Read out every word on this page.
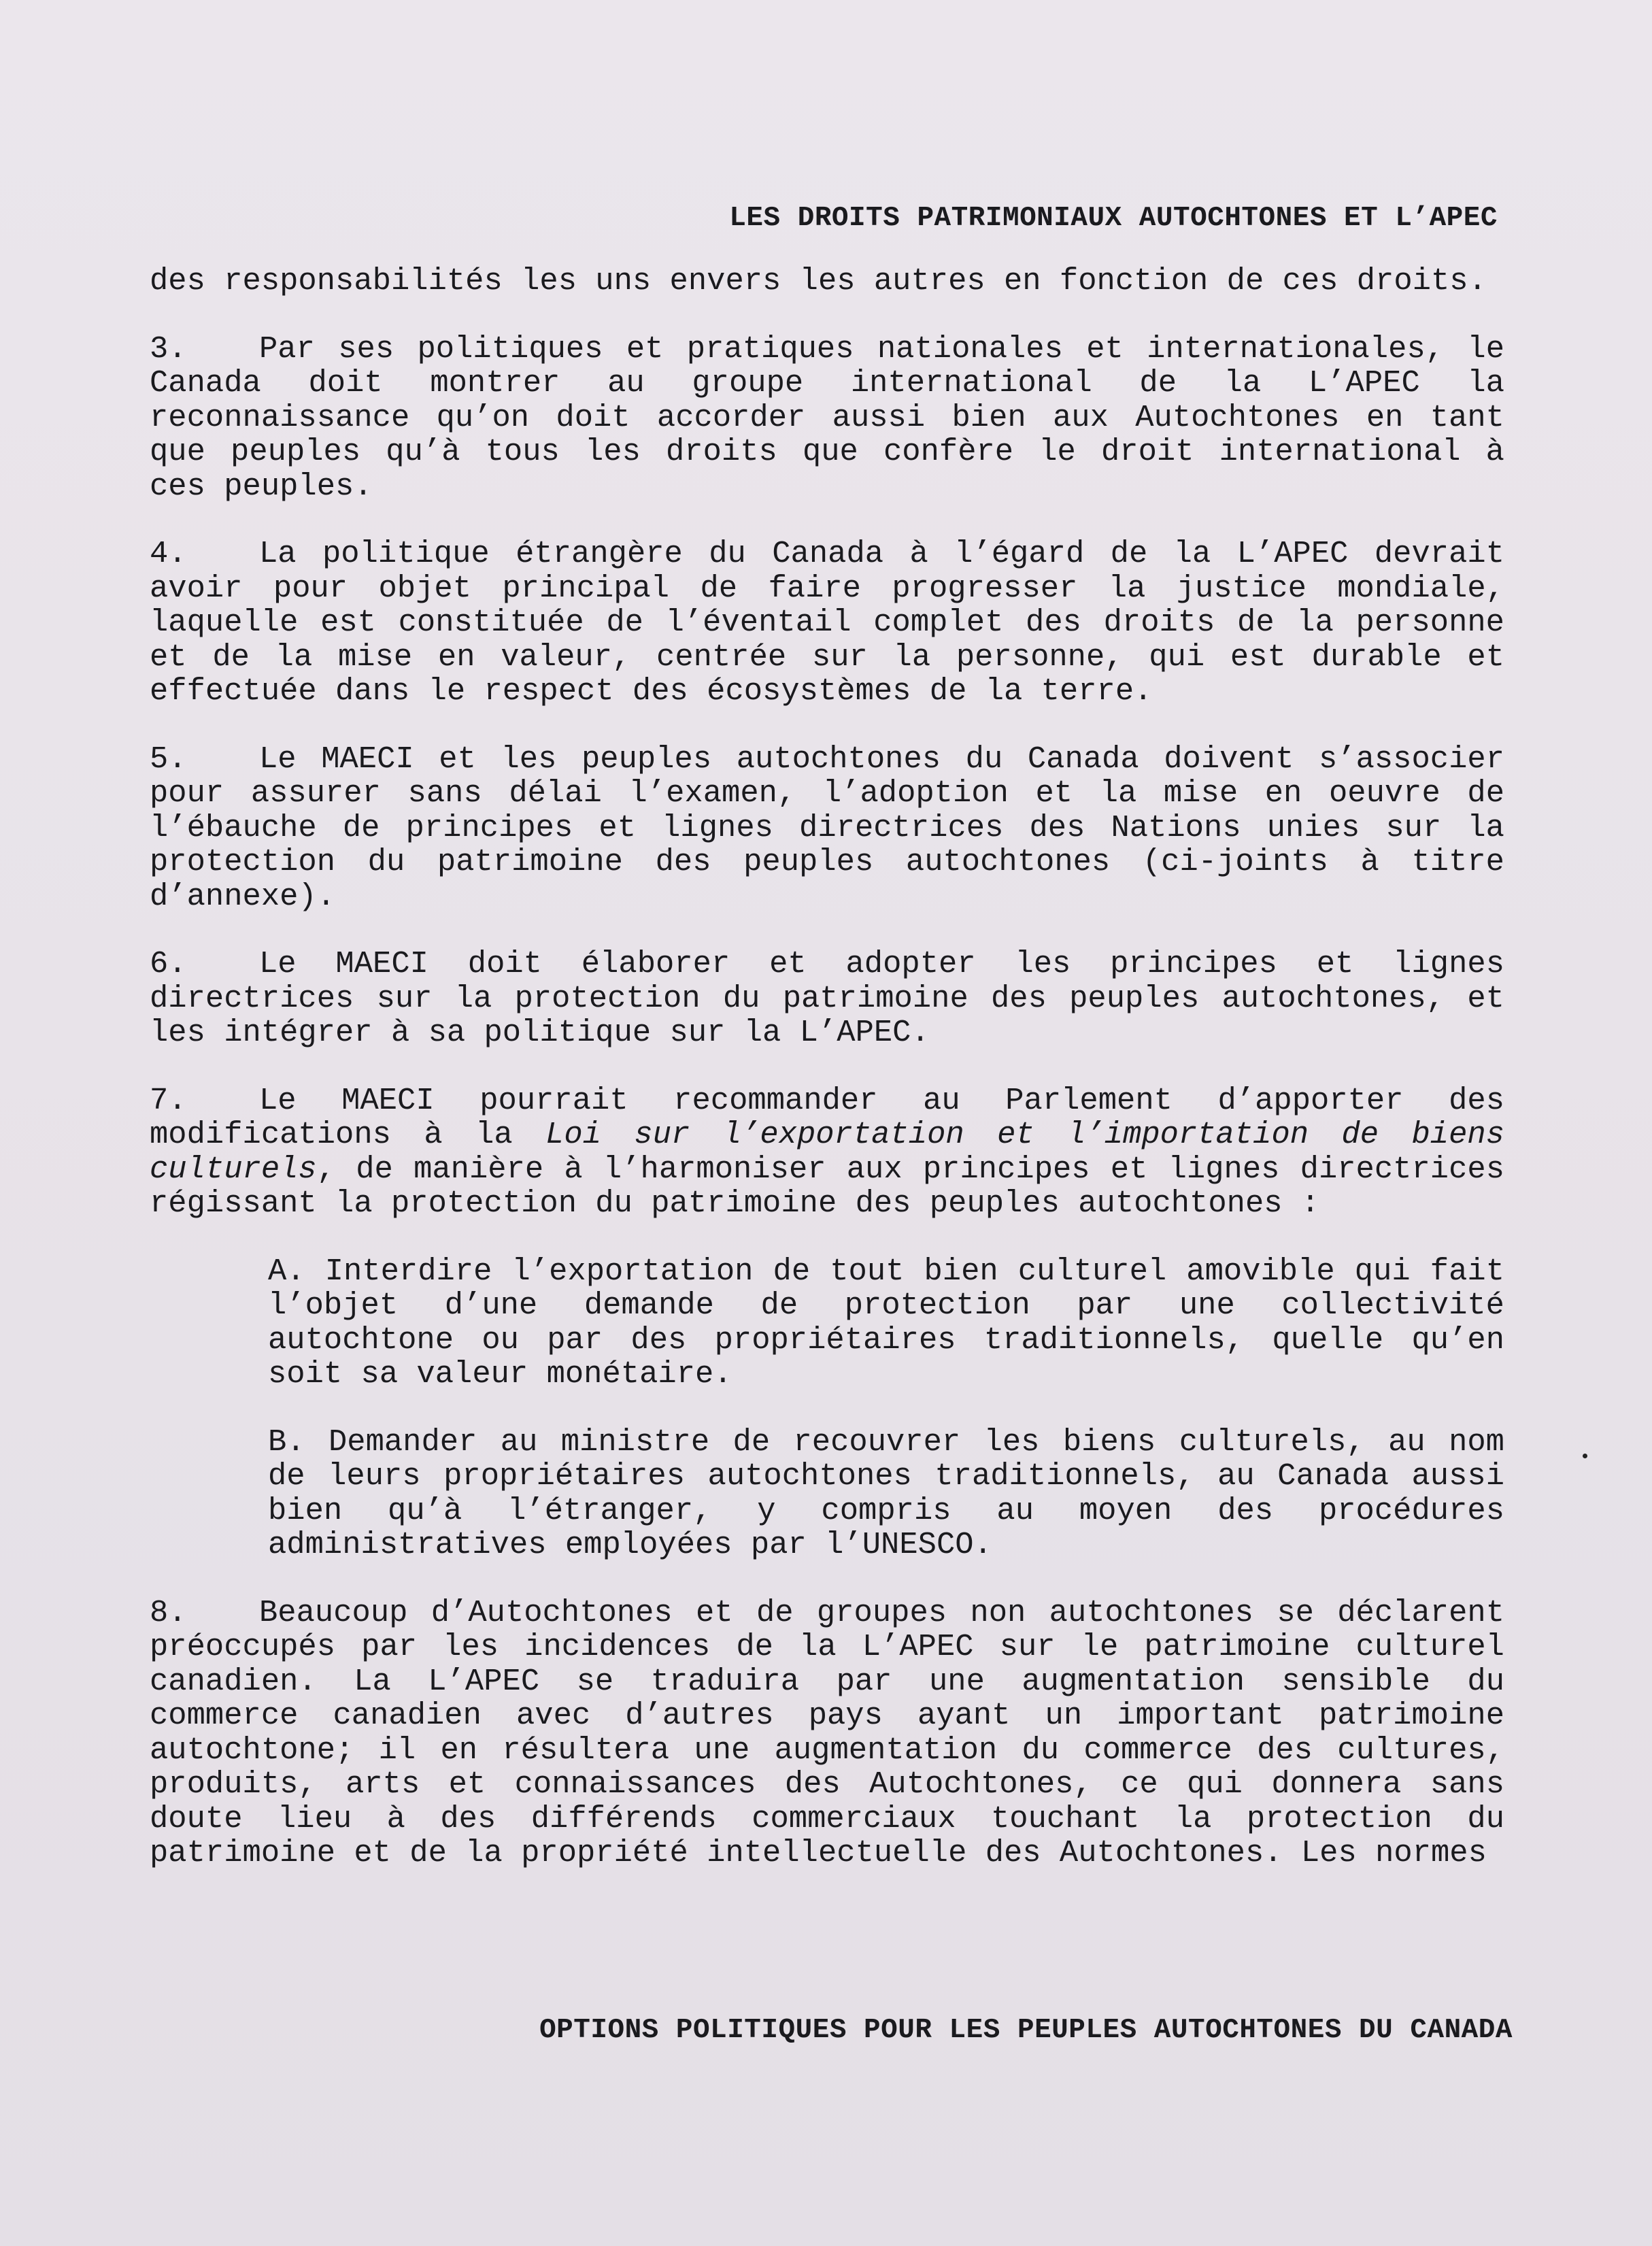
LES DROITS PATRIMONIAUX AUTOCHTONES ET L’APEC

des responsabilités les uns envers les autres en fonction de ces droits.

3. Par ses politiques et pratiques nationales et internationales, le Canada doit montrer au groupe international de la L’APEC la reconnaissance qu’on doit accorder aussi bien aux Autochtones en tant que peuples qu’à tous les droits que confère le droit international à ces peuples.

4. La politique étrangère du Canada à l’égard de la L’APEC devrait avoir pour objet principal de faire progresser la justice mondiale, laquelle est constituée de l’éventail complet des droits de la personne et de la mise en valeur, centrée sur la personne, qui est durable et effectuée dans le respect des écosystèmes de la terre.

5. Le MAECI et les peuples autochtones du Canada doivent s’associer pour assurer sans délai l’examen, l’adoption et la mise en oeuvre de l’ébauche de principes et lignes directrices des Nations unies sur la protection du patrimoine des peuples autochtones (ci-joints à titre d’annexe).

6. Le MAECI doit élaborer et adopter les principes et lignes directrices sur la protection du patrimoine des peuples autochtones, et les intégrer à sa politique sur la L’APEC.

7. Le MAECI pourrait recommander au Parlement d’apporter des modifications à la Loi sur l’exportation et l’importation de biens culturels, de manière à l’harmoniser aux principes et lignes directrices régissant la protection du patrimoine des peuples autochtones :

A. Interdire l’exportation de tout bien culturel amovible qui fait l’objet d’une demande de protection par une collectivité autochtone ou par des propriétaires traditionnels, quelle qu’en soit sa valeur monétaire.

B. Demander au ministre de recouvrer les biens culturels, au nom de leurs propriétaires autochtones traditionnels, au Canada aussi bien qu’à l’étranger, y compris au moyen des procédures administratives employées par l’UNESCO.

8. Beaucoup d’Autochtones et de groupes non autochtones se déclarent préoccupés par les incidences de la L’APEC sur le patrimoine culturel canadien. La L’APEC se traduira par une augmentation sensible du commerce canadien avec d’autres pays ayant un important patrimoine autochtone; il en résultera une augmentation du commerce des cultures, produits, arts et connaissances des Autochtones, ce qui donnera sans doute lieu à des différends commerciaux touchant la protection du patrimoine et de la propriété intellectuelle des Autochtones. Les normes

OPTIONS POLITIQUES POUR LES PEUPLES AUTOCHTONES DU CANADA
